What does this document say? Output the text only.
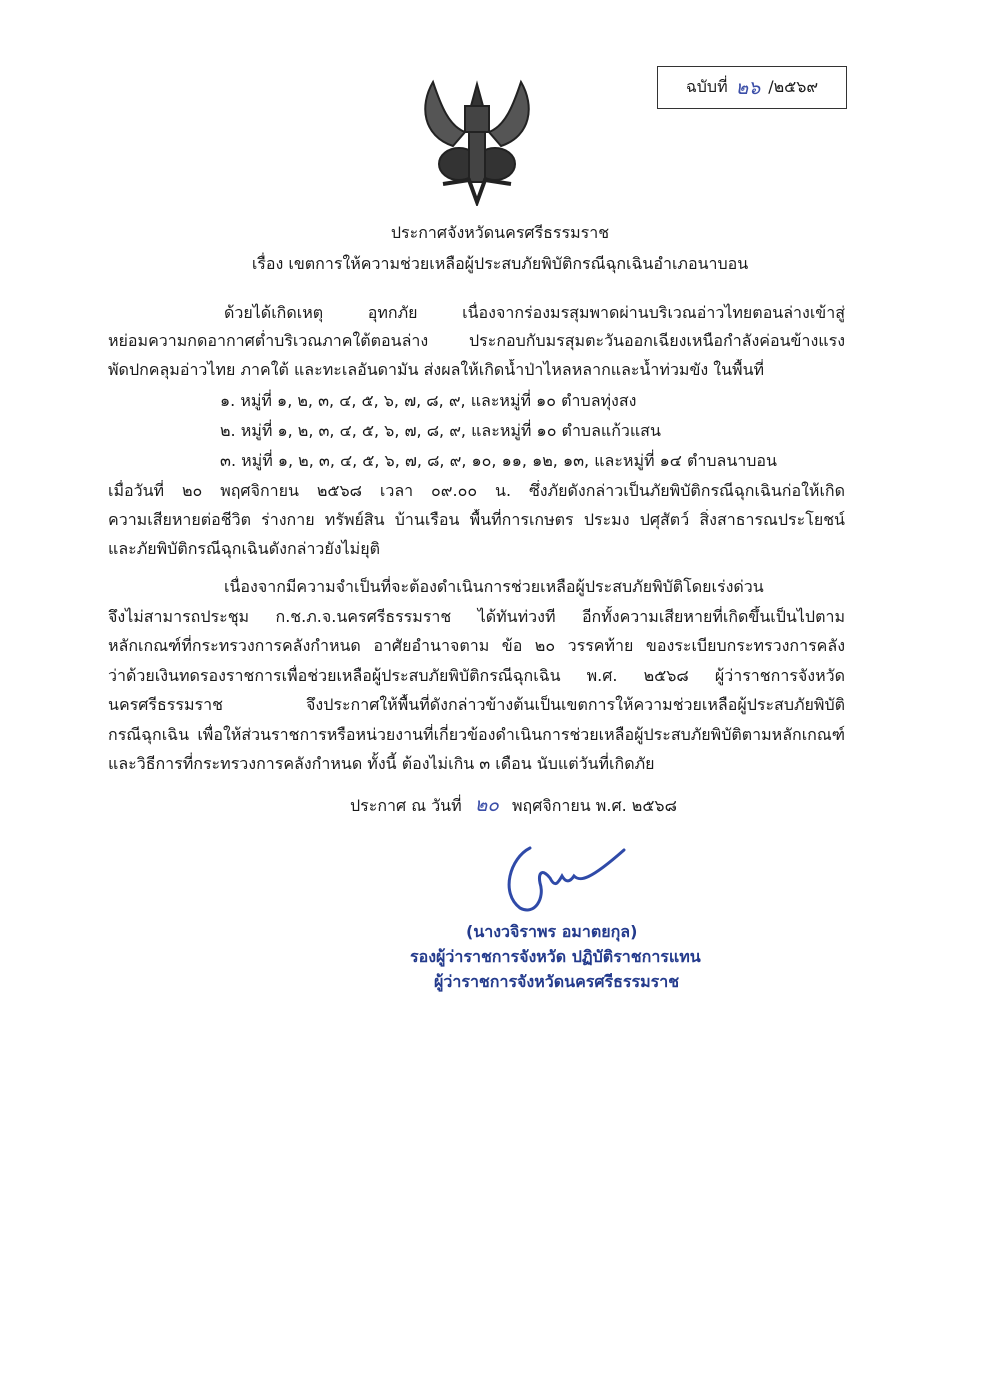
ฉบับที่ ๒๖ /๒๕๖๙
ประกาศจังหวัดนครศรีธรรมราช
เรื่อง เขตการให้ความช่วยเหลือผู้ประสบภัยพิบัติกรณีฉุกเฉินอำเภอนาบอน
ด้วยได้เกิดเหตุ อุทกภัย เนื่องจากร่องมรสุมพาดผ่านบริเวณอ่าวไทยตอนล่างเข้าสู่
หย่อมความกดอากาศต่ำบริเวณภาคใต้ตอนล่าง ประกอบกับมรสุมตะวันออกเฉียงเหนือกำลังค่อนข้างแรง
พัดปกคลุมอ่าวไทย ภาคใต้ และทะเลอันดามัน ส่งผลให้เกิดน้ำป่าไหลหลากและน้ำท่วมขัง ในพื้นที่
๑. หมู่ที่ ๑, ๒, ๓, ๔, ๕, ๖, ๗, ๘, ๙, และหมู่ที่ ๑๐ ตำบลทุ่งสง
๒. หมู่ที่ ๑, ๒, ๓, ๔, ๕, ๖, ๗, ๘, ๙, และหมู่ที่ ๑๐ ตำบลแก้วแสน
๓. หมู่ที่ ๑, ๒, ๓, ๔, ๕, ๖, ๗, ๘, ๙, ๑๐, ๑๑, ๑๒, ๑๓, และหมู่ที่ ๑๔ ตำบลนาบอน
เมื่อวันที่ ๒๐ พฤศจิกายน ๒๕๖๘ เวลา ๐๙.๐๐ น. ซึ่งภัยดังกล่าวเป็นภัยพิบัติกรณีฉุกเฉินก่อให้เกิด
ความเสียหายต่อชีวิต ร่างกาย ทรัพย์สิน บ้านเรือน พื้นที่การเกษตร ประมง ปศุสัตว์ สิ่งสาธารณประโยชน์
และภัยพิบัติกรณีฉุกเฉินดังกล่าวยังไม่ยุติ
เนื่องจากมีความจำเป็นที่จะต้องดำเนินการช่วยเหลือผู้ประสบภัยพิบัติโดยเร่งด่วน
จึงไม่สามารถประชุม ก.ช.ภ.จ.นครศรีธรรมราช ได้ทันท่วงที อีกทั้งความเสียหายที่เกิดขึ้นเป็นไปตาม
หลักเกณฑ์ที่กระทรวงการคลังกำหนด อาศัยอำนาจตาม ข้อ ๒๐ วรรคท้าย ของระเบียบกระทรวงการคลัง
ว่าด้วยเงินทดรองราชการเพื่อช่วยเหลือผู้ประสบภัยพิบัติกรณีฉุกเฉิน พ.ศ. ๒๕๖๘ ผู้ว่าราชการจังหวัด
นครศรีธรรมราช จึงประกาศให้พื้นที่ดังกล่าวข้างต้นเป็นเขตการให้ความช่วยเหลือผู้ประสบภัยพิบัติ
กรณีฉุกเฉิน เพื่อให้ส่วนราชการหรือหน่วยงานที่เกี่ยวข้องดำเนินการช่วยเหลือผู้ประสบภัยพิบัติตามหลักเกณฑ์
และวิธีการที่กระทรวงการคลังกำหนด ทั้งนี้ ต้องไม่เกิน ๓ เดือน นับแต่วันที่เกิดภัย
ประกาศ ณ วันที่ ๒๐ พฤศจิกายน พ.ศ. ๒๕๖๘
(นางวจิราพร อมาตยกุล)
รองผู้ว่าราชการจังหวัด ปฏิบัติราชการแทน
ผู้ว่าราชการจังหวัดนครศรีธรรมราช
